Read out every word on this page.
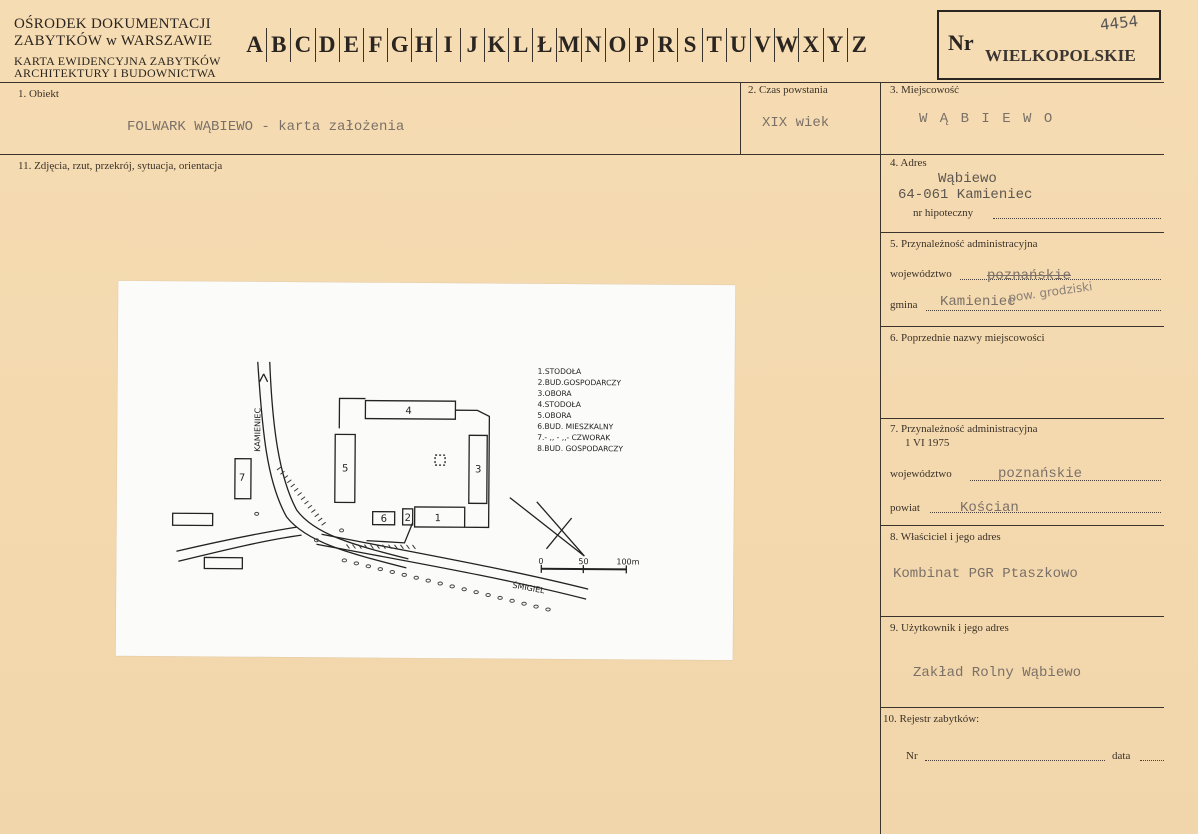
OŚRODEK DOKUMENTACJI
ZABYTKÓW w WARSZAWIE
KARTA EWIDENCYJNA ZABYTKÓW
ARCHITEKTURY I BUDOWNICTWA
A B C D E F G H I J K L Ł M N O P R S T U V W X Y Z
4454
Nr
WIELKOPOLSKIE
1. Obiekt
FOLWARK WĄBIEWO - karta założenia
2. Czas powstania
XIX wiek
3. Miejscowość
W Ą B I E W O
11. Zdjęcia, rzut, przekrój, sytuacja, orientacja	4. Adres
Wąbiewo
64-061 Kamieniec
nr hipoteczny
5. Przynależność administracyjna
województwo	poznańskie
pow. grodziski
gmina Kamieniec
6. Poprzednie nazwy miejscowości
7. Przynależność administracyjna
1 VI 1975
województwo	poznańskie
powiat	Kościan
8. Właściciel i jego adres
Kombinat PGR Ptaszkowo
9. Użytkownik i jego adres
Zakład Rolny Wąbiewo
10. Rejestr zabytków:
Nr	data
4
5	3
1
6 2
7
KAMIENIEC
ŚMIGIEL
0	50	100m
1.STODOŁA
2.BUD.GOSPODARCZY
3.OBORA
4.STODOŁA
5.OBORA
6.BUD. MIESZKALNY
7.- ‚‚ - ‚‚- CZWORAK
8.BUD. GOSPODARCZY
